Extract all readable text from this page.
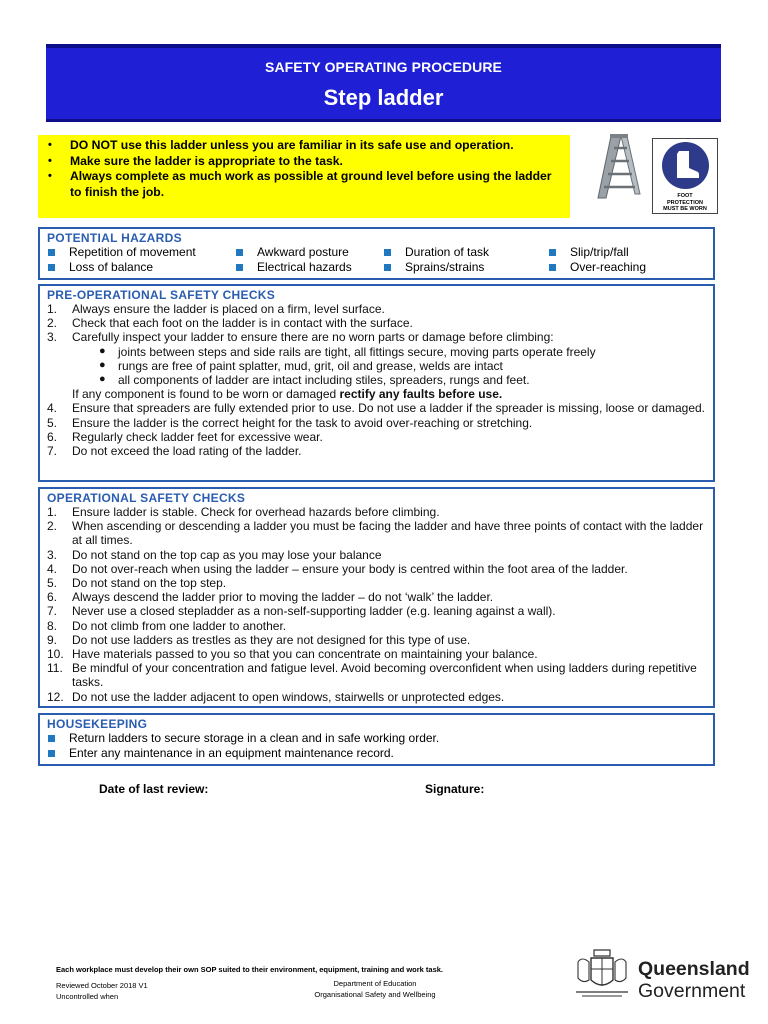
SAFETY OPERATING PROCEDURE
Step ladder
• DO NOT use this ladder unless you are familiar in its safe use and operation.
• Make sure the ladder is appropriate to the task.
• Always complete as much work as possible at ground level before using the ladder to finish the job.	FOOT
PROTECTION
MUST BE WORN
POTENTIAL HAZARDS
Repetition of movement	Awkward posture	Duration of task	Slip/trip/fall
Loss of balance	Electrical hazards	Sprains/strains	Over-reaching
PRE-OPERATIONAL SAFETY CHECKS
1. Always ensure the ladder is placed on a firm, level surface.
2. Check that each foot on the ladder is in contact with the surface.
3. Carefully inspect your ladder to ensure there are no worn parts or damage before climbing:
● joints between steps and side rails are tight, all fittings secure, moving parts operate freely
● rungs are free of paint splatter, mud, grit, oil and grease, welds are intact
● all components of ladder are intact including stiles, spreaders, rungs and feet.
If any component is found to be worn or damaged rectify any faults before use.
4. Ensure that spreaders are fully extended prior to use. Do not use a ladder if the spreader is missing, loose or damaged.
5. Ensure the ladder is the correct height for the task to avoid over-reaching or stretching.
6. Regularly check ladder feet for excessive wear.
7. Do not exceed the load rating of the ladder.
OPERATIONAL SAFETY CHECKS
1. Ensure ladder is stable. Check for overhead hazards before climbing.
2. When ascending or descending a ladder you must be facing the ladder and have three points of contact with the ladder at all times.
3. Do not stand on the top cap as you may lose your balance
4. Do not over-reach when using the ladder – ensure your body is centred within the foot area of the ladder.
5. Do not stand on the top step.
6. Always descend the ladder prior to moving the ladder – do not ‘walk’ the ladder.
7. Never use a closed stepladder as a non-self-supporting ladder (e.g. leaning against a wall).
8. Do not climb from one ladder to another.
9. Do not use ladders as trestles as they are not designed for this type of use.
10. Have materials passed to you so that you can concentrate on maintaining your balance.
11. Be mindful of your concentration and fatigue level. Avoid becoming overconfident when using ladders during repetitive tasks.
12. Do not use the ladder adjacent to open windows, stairwells or unprotected edges.
HOUSEKEEPING
Return ladders to secure storage in a clean and in safe working order.
Enter any maintenance in an equipment maintenance record.
Date of last review:	Signature:
Each workplace must develop their own SOP suited to their environment, equipment, training and work task.
Reviewed October 2018 V1
Uncontrolled when
Department of Education
Organisational Safety and Wellbeing
Queensland
Government
